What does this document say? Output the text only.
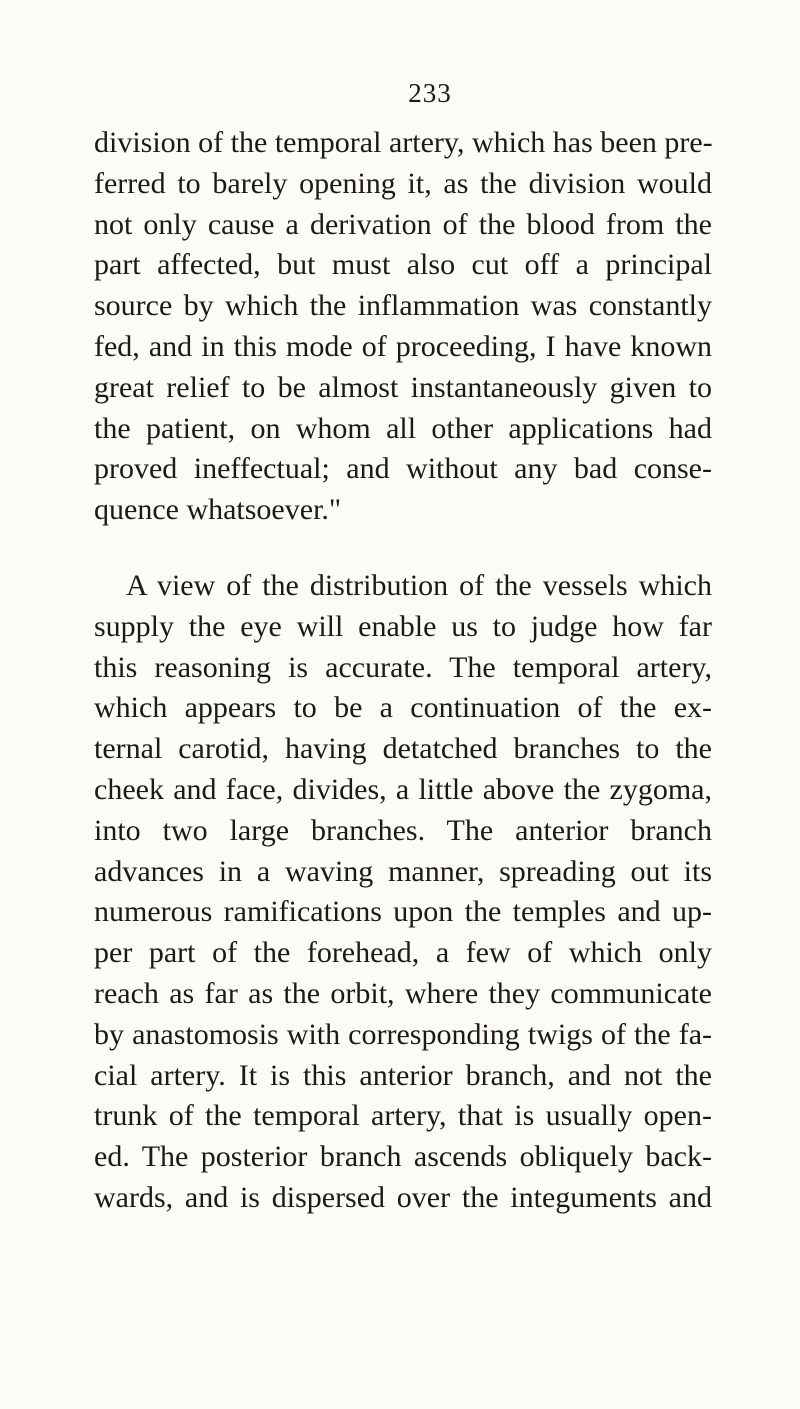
233
division of the temporal artery, which has been pre-
ferred to barely opening it, as the division would
not only cause a derivation of the blood from the
part affected, but must also cut off a principal
source by which the inflammation was constantly
fed, and in this mode of proceeding, I have known
great relief to be almost instantaneously given to
the patient, on whom all other applications had
proved ineffectual; and without any bad conse-
quence whatsoever."
A view of the distribution of the vessels which
supply the eye will enable us to judge how far
this reasoning is accurate. The temporal artery,
which appears to be a continuation of the ex-
ternal carotid, having detatched branches to the
cheek and face, divides, a little above the zygoma,
into two large branches. The anterior branch
advances in a waving manner, spreading out its
numerous ramifications upon the temples and up-
per part of the forehead, a few of which only
reach as far as the orbit, where they communicate
by anastomosis with corresponding twigs of the fa-
cial artery. It is this anterior branch, and not the
trunk of the temporal artery, that is usually open-
ed. The posterior branch ascends obliquely back-
wards, and is dispersed over the integuments and
